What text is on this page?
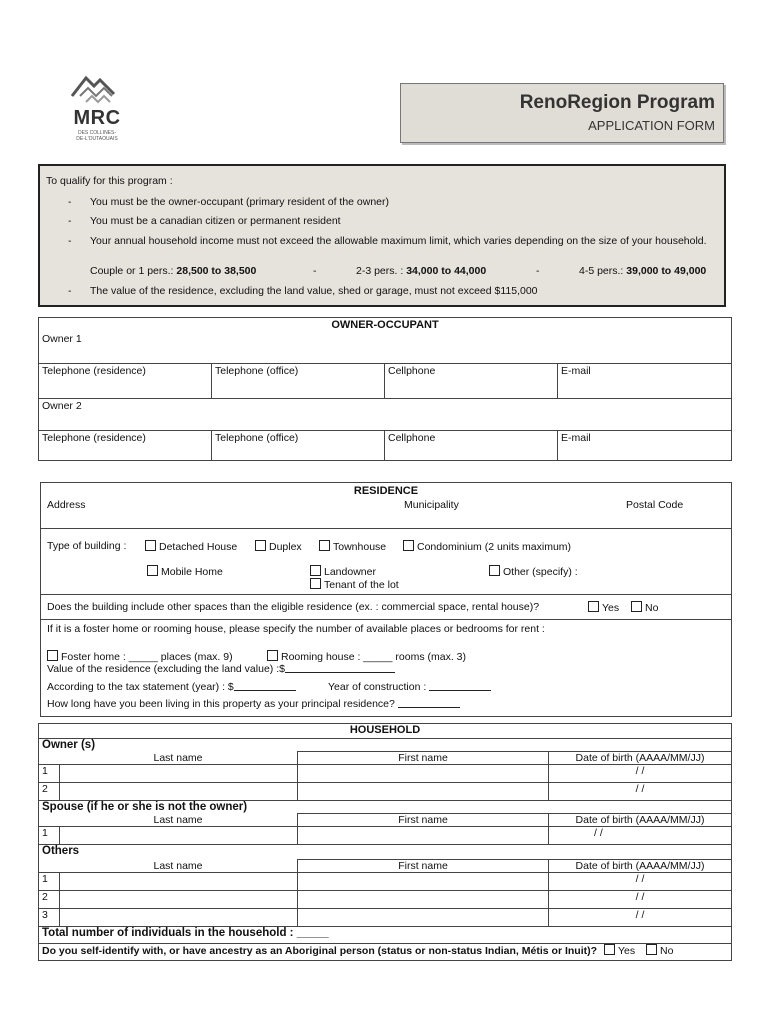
MRC
DES COLLINES-
DE-L'OUTAOUAIS
RenoRegion Program
APPLICATION FORM
To qualify for this program :
- You must be the owner-occupant (primary resident of the owner)
- You must be a canadian citizen or permanent resident
- Your annual household income must not exceed the allowable maximum limit, which varies depending on the size of your household.
Couple or 1 pers.: 28,500 to 38,500	-	2-3 pers. : 34,000 to 44,000	-	4-5 pers.: 39,000 to 49,000
- The value of the residence, excluding the land value, shed or garage, must not exceed $115,000
OWNER-OCCUPANT			
Owner 1			
Telephone (residence)	Telephone (office)	Cellphone	E-mail
Owner 2			
Telephone (residence)	Telephone (office)	Cellphone	E-mail
RESIDENCE
Address	Municipality	Postal Code
Type of building :	Detached House	Duplex	Townhouse	Condominium (2 units maximum)
Mobile Home	Landowner
Tenant of the lot
Other (specify) :
Does the building include other spaces than the eligible residence (ex. : commercial space, rental house)?	Yes	No
If it is a foster home or rooming house, please specify the number of available places or bedrooms for rent :
Foster home : _____ places (max. 9)	Rooming house : _____ rooms (max. 3)
Value of the residence (excluding the land value) :$
According to the tax statement (year) : $	Year of construction :
How long have you been living in this property as your principal residence?
HOUSEHOLD			
Owner (s)			
	Last name	First name	Date of birth (AAAA/MM/JJ)
1			/ /
2			/ /
Spouse (if he or she is not the owner)			
	Last name	First name	Date of birth (AAAA/MM/JJ)
1			/ /
Others			
	Last name	First name	Date of birth (AAAA/MM/JJ)
1			/ /
2			/ /
3			/ /
Total number of individuals in the household : _____			
Do you self-identify with, or have ancestry as an Aboriginal person (status or non-status Indian, Métis or Inuit)? Yes No			
